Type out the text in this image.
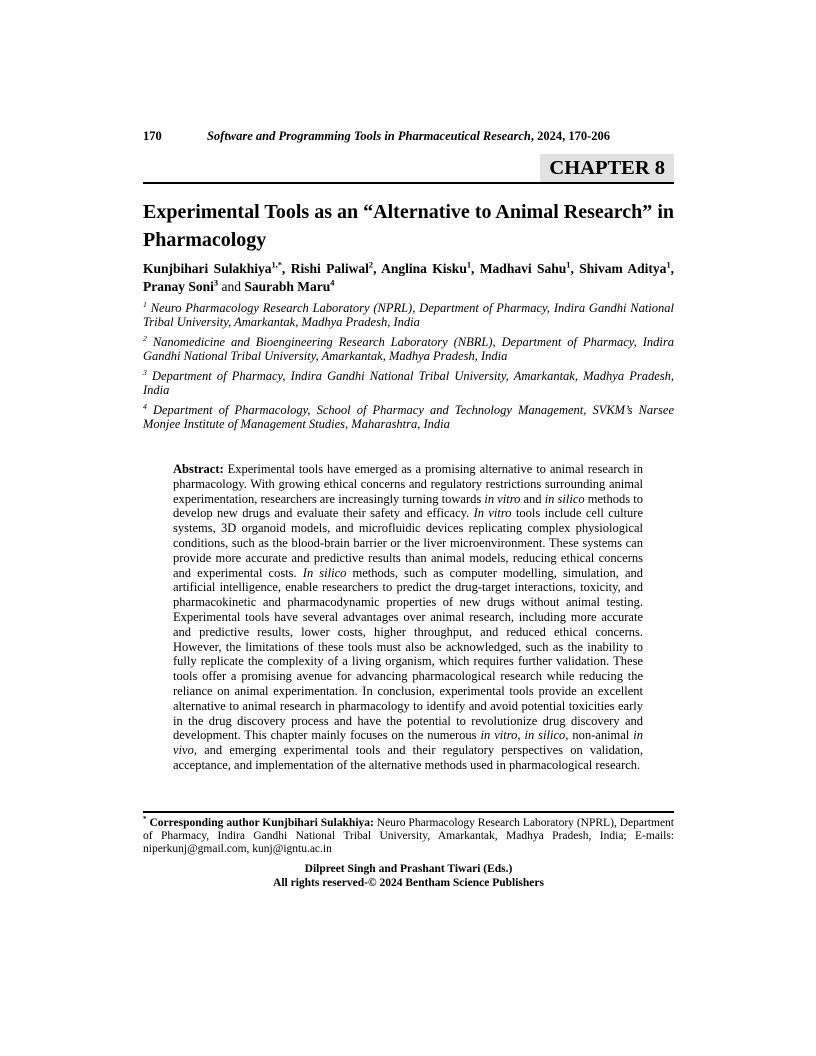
170	Software and Programming Tools in Pharmaceutical Research, 2024, 170-206
CHAPTER 8
Experimental Tools as an “Alternative to Animal Research” in Pharmacology

Kunjbihari Sulakhiya$^{1,*}$, Rishi Paliwal$^2$, Anglina Kisku$^1$, Madhavi Sahu$^1$, Shivam Aditya$^1$, Pranay Soni$^3$ and Saurabh Maru$^4$

$^1$ Neuro Pharmacology Research Laboratory (NPRL), Department of Pharmacy, Indira Gandhi National Tribal University, Amarkantak, Madhya Pradesh, India

$^2$ Nanomedicine and Bioengineering Research Laboratory (NBRL), Department of Pharmacy, Indira Gandhi National Tribal University, Amarkantak, Madhya Pradesh, India

$^3$ Department of Pharmacy, Indira Gandhi National Tribal University, Amarkantak, Madhya Pradesh, India

$^4$ Department of Pharmacology, School of Pharmacy and Technology Management, SVKM’s Narsee Monjee Institute of Management Studies, Maharashtra, India

Abstract: Experimental tools have emerged as a promising alternative to animal research in pharmacology. With growing ethical concerns and regulatory restrictions surrounding animal experimentation, researchers are increasingly turning towards in vitro and in silico methods to develop new drugs and evaluate their safety and efficacy. In vitro tools include cell culture systems, 3D organoid models, and microfluidic devices replicating complex physiological conditions, such as the blood-brain barrier or the liver microenvironment. These systems can provide more accurate and predictive results than animal models, reducing ethical concerns and experimental costs. In silico methods, such as computer modelling, simulation, and artificial intelligence, enable researchers to predict the drug-target interactions, toxicity, and pharmacokinetic and pharmacodynamic properties of new drugs without animal testing. Experimental tools have several advantages over animal research, including more accurate and predictive results, lower costs, higher throughput, and reduced ethical concerns. However, the limitations of these tools must also be acknowledged, such as the inability to fully replicate the complexity of a living organism, which requires further validation. These tools offer a promising avenue for advancing pharmacological research while reducing the reliance on animal experimentation. In conclusion, experimental tools provide an excellent alternative to animal research in pharmacology to identify and avoid potential toxicities early in the drug discovery process and have the potential to revolutionize drug discovery and development. This chapter mainly focuses on the numerous in vitro, in silico, non-animal in vivo, and emerging experimental tools and their regulatory perspectives on validation, acceptance, and implementation of the alternative methods used in pharmacological research.

* Corresponding author Kunjbihari Sulakhiya: Neuro Pharmacology Research Laboratory (NPRL), Department of Pharmacy, Indira Gandhi National Tribal University, Amarkantak, Madhya Pradesh, India; E-mails: niperkunj@gmail.com, kunj@igntu.ac.in

Dilpreet Singh and Prashant Tiwari (Eds.)
All rights reserved-© 2024 Bentham Science Publishers
